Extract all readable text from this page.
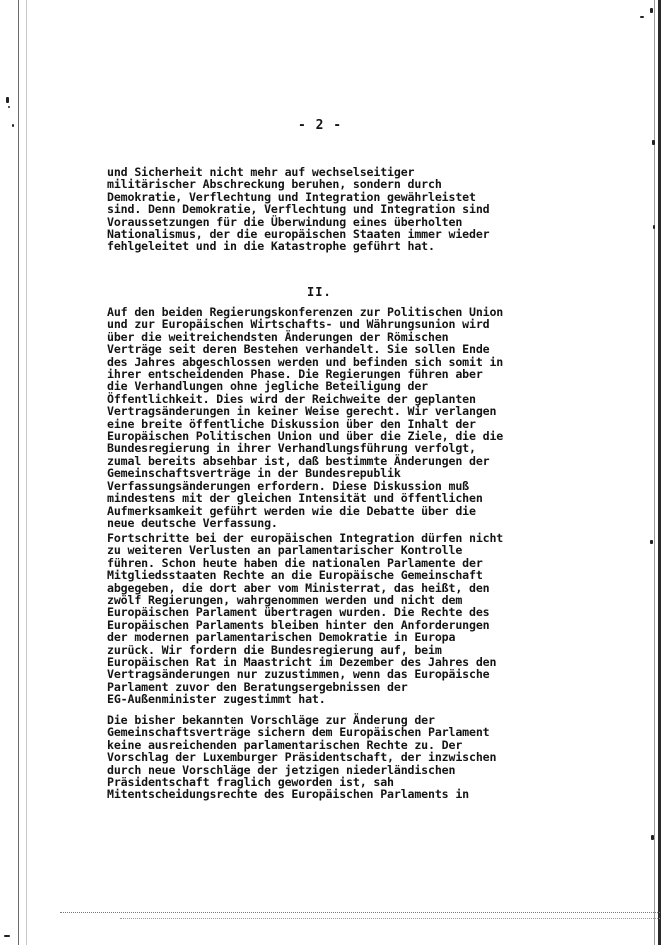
- 2 -

und Sicherheit nicht mehr auf wechselseitiger
militärischer Abschreckung beruhen, sondern durch
Demokratie, Verflechtung und Integration gewährleistet
sind. Denn Demokratie, Verflechtung und Integration sind
Voraussetzungen für die Überwindung eines überholten
Nationalismus, der die europäischen Staaten immer wieder
fehlgeleitet und in die Katastrophe geführt hat.

II.

Auf den beiden Regierungskonferenzen zur Politischen Union
und zur Europäischen Wirtschafts- und Währungsunion wird
über die weitreichendsten Änderungen der Römischen
Verträge seit deren Bestehen verhandelt. Sie sollen Ende
des Jahres abgeschlossen werden und befinden sich somit in
ihrer entscheidenden Phase. Die Regierungen führen aber
die Verhandlungen ohne jegliche Beteiligung der
Öffentlichkeit. Dies wird der Reichweite der geplanten
Vertragsänderungen in keiner Weise gerecht. Wir verlangen
eine breite öffentliche Diskussion über den Inhalt der
Europäischen Politischen Union und über die Ziele, die die
Bundesregierung in ihrer Verhandlungsführung verfolgt,
zumal bereits absehbar ist, daß bestimmte Änderungen der
Gemeinschaftsverträge in der Bundesrepublik
Verfassungsänderungen erfordern. Diese Diskussion muß
mindestens mit der gleichen Intensität und öffentlichen
Aufmerksamkeit geführt werden wie die Debatte über die
neue deutsche Verfassung.

Fortschritte bei der europäischen Integration dürfen nicht
zu weiteren Verlusten an parlamentarischer Kontrolle
führen. Schon heute haben die nationalen Parlamente der
Mitgliedsstaaten Rechte an die Europäische Gemeinschaft
abgegeben, die dort aber vom Ministerrat, das heißt, den
zwölf Regierungen, wahrgenommen werden und nicht dem
Europäischen Parlament übertragen wurden. Die Rechte des
Europäischen Parlaments bleiben hinter den Anforderungen
der modernen parlamentarischen Demokratie in Europa
zurück. Wir fordern die Bundesregierung auf, beim
Europäischen Rat in Maastricht im Dezember des Jahres den
Vertragsänderungen nur zuzustimmen, wenn das Europäische
Parlament zuvor den Beratungsergebnissen der
EG-Außenminister zugestimmt hat.

Die bisher bekannten Vorschläge zur Änderung der
Gemeinschaftsverträge sichern dem Europäischen Parlament
keine ausreichenden parlamentarischen Rechte zu. Der
Vorschlag der Luxemburger Präsidentschaft, der inzwischen
durch neue Vorschläge der jetzigen niederländischen
Präsidentschaft fraglich geworden ist, sah
Mitentscheidungsrechte des Europäischen Parlaments in
